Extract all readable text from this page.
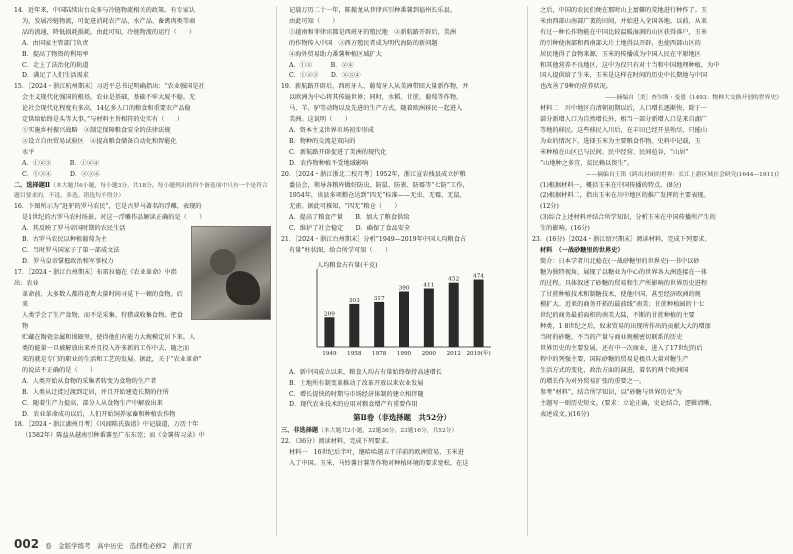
14．近年来，中国陆续出台众多与冷链物流相关的政策。有专家认

为，发展冷链物流，可促进消耗农产品、水产品、畜禽肉类等商

品的流通，降低损耗损耗。由此可知，冷链物流的运行（　　）

A．由国家主管部门负责

B．提高了物资的利用率

C．走上了法治化的轨道

D．满足了人们生活需求

15．［2024・浙江杭州期末］习近平总书记明确指出：“农业强国是社

会主义现代化强国的根基。农业是基础，基础不牢大厦不稳。无

论社会现代化程度有多高，14亿多人口的粮食和重要农产品稳

定供给始终是头等大事。”与材料主旨相符的史实有（　　）

①实施乡村振兴战略　②制定保障粮食安全的法律法规

③设立自由贸易试验区　④提高粮食储备自动化和智能化

水平

A．①②③　　　B．①②④

C．①③④　　　D．②③④

二、选择题Ⅱ（本大题共6小题，每小题3分，共18分。每小题列出的四个备选项中只有一个是符合题目要求的，不选、多选、错选均不得分）

16．下图所示为“赶驴的罗马农民”，它是古罗马著名的浮雕，表现的

是1世纪的古罗马农村场景。对这一浮雕作品解读正确的是（　　）

A．其反映了罗马帝国时期的农民生活

B．古罗马农民以种植葡萄为主

C．当时罗马国家子了第一部成文法

D．罗马皇帝掌握政治和军事权力

17．［2024・浙江台州期末］布雷拉德在《农业革命》中指出：农业

革命前，大多数人都得花费大量时间寻觅下一顿的食物。后来

人类学会了生产食物，而不是采集、狩猎或收集食物。把食物

贮藏在陶瓷金属和围圈里，使得他们有能力大规模定居下来。人

类的能量一旦被解放出来并且投入许多新的工作中去，随之而

来的就是专门的职业的生活和工艺的发展。据此，关于“农业革命”

的说法不正确的是（　　）

A．人类开始从食物的采集者转变为食物的生产者

B．人类从迁徙过渡到定居，并且开始建造长期的住所

C．随着生产力提高，部分人从食物生产中解放出来

D．农业革命成功以后，人们开始饲养家畜和种植农作物

18．［2024・浙江湖州月考］《风闻陈氏族谱》中记载道，万历十年

（1582年）陈益从越南引种番薯至广东东莞；而《金薯传习录》中

记载万历二十一年，陈振龙从菲律宾引种番薯到福州长乐县。

由此可知（　　）

①越南和菲律宾都是西班牙的殖民地　②新航路开辟后，美洲

的作物传入中国　③西方殖民者成为明代海防的新问题

④海外贸易助力番薯种植区域扩大

A．①②　　　B．②④

C．①②③　　D．②③④

19．新航路开辟后，西班牙人、葡萄牙人从美洲带回大量新作物，并

以欧洲为中心将其传遍世界；同时，水稻、甘蔗、葡萄等作物、

马、羊、驴等动物以及先进的生产方式，随着欧洲移民一起进入

美洲。这说明（　　）

A．资本主义世界市场初步形成

B．物种的交流是双向的

C．新航路开辟促进了美洲的现代化

D．农作物种植不受地域影响

20．［2024・浙江浙北二校月考］1952年，浙江宣农栈县成立护粮

委员会，领导各粮库做好防虫、防鼠、防雀、防霉等“七防”工作，

1954年，该县多项粮仓达到“四无”标准——无虫、无霉、无鼠、

无雀。据此可推知，“四无”粮仓（　　）

A．提高了粮食产量　　B．加大了粮食供给

C．维护了社会稳定　　D．确保了食品安全

21．［2024・浙江台州期末］分析“1949—2019年中国人均粮食占

有量”柱状图，给合所学可知（　　）

人均粮食占有量(千克)
209
1949
303
1958
317
1978
390
1990
411
2000
452
2012
474
2019(年)

A．新中国成立以来，粮食人均占有量始终保持高速增长

B．土地所有制变革推动了改革开放以来农业发展

C．增长提快的时期与市场经济体制的建立相伴随

D．现代农业技术的应用对粮食增产有重要作用

第Ⅱ卷（非选择题　共52分）

三、非选择题（本大题共2小题，22题36分，23题16分，共52分）

22．（36分）阅读材料，完成下列要求。

材料一　16世纪后半叶，继哈哈越五干洋前的欧洲贸易，玉米进

入了中国。玉米、马铃薯甘薯等作物对种植环境的要求宽松，在这

之后，中国的农民们便在那时山上富僻的荒地进行种作了。玉

米由西部山南部广袤的田间，并始进入全国各地。以前，从来

有过一种长作物能在中国比较温暖湿润的山区获得落户，玉米

的引种使南部和西南部大片土地得以开辟，也使西部山区的

居民地得了食物来源，玉米的传播成为中国人民在平原地区

和其他营养不良地区，这中为仅只有对十当和中国地理种植，为中

国人提供给了生米，玉米是这样在时间的历史中长期地与中国

也改善了9种的营养状况。

——摘编自［美］查尔斯・曼恩《1493：物种大交换开创的世界史》

材料二　川中地区自清朝初期以后，人口增长逐渐快，除于一

部分新增人口为自然增长外，相当一部分新增人口是来自湖广

等地的移民。这些移民入川后，在丰田已经开垦殆尽，只能山

为业的情况下，选择玉米为主要粮食作物。史料中记载，玉

米种植在山区已与民间、民中经营、民间苞谷，“山居”

“山地种之多宜，贫民赖以资生”。

——摘编自王笛《跨出封闭的世界：长江上游区域社会研究(1644—1911)》

(1)根据材料一，概括玉米在中国传播的特点。(8分)

(2)根据材料二，指出玉米在川中地区的推广发挥的主要表现。

(12分)

(3)综合上述材料并结合所学知识，分析玉米在中国传播所产生的

生的影响。(16分)

23．(16分)［2024・浙江绍兴期末］阅读材料，完成下列要求。

材料　（一战砂糖里的世界史）

简介：日本学者川北稔在(一战砂糖里的世界史)一书中以砂

糖为独特视角，展现了以糖业为中心的世界各大洲连接在一体

的过程。具体叙述了砂糖的贸易和生产所影响的世界历史进程

了甘蔗种植技术和制糖技术，使他中国、甚至经济欧洲的规

模扩大。近来的商务开拓的最前线”南美；甘蔗种植园的十七

世纪的商务最前面积的南美大陆，不断的甘蔗种植的主要

种类，1 8世纪之后，奴隶贸易的出现所作出的贡献大大的增加

当时的砂糖，不当的产量与商业规模密切联系的历史

世界历史的主要发展。还有中一次商业，进入了17世纪的后

程中的列强主要，国际砂糖的贸易是极具大量对糖生产

生活方式的变化，政治方面的演进，着名的两个欧洲国

的增长作为对外贸易扩张的重要之一。

参考“材料”，结合所学知识，以"砂糖与世界历史"为

主题写一则历史短文。(要求：立论正确，史论结合，逻辑清晰，

表述成文。)(16分)

002 卷　金版学练考　高中历史　选择性必修2　浙江省
